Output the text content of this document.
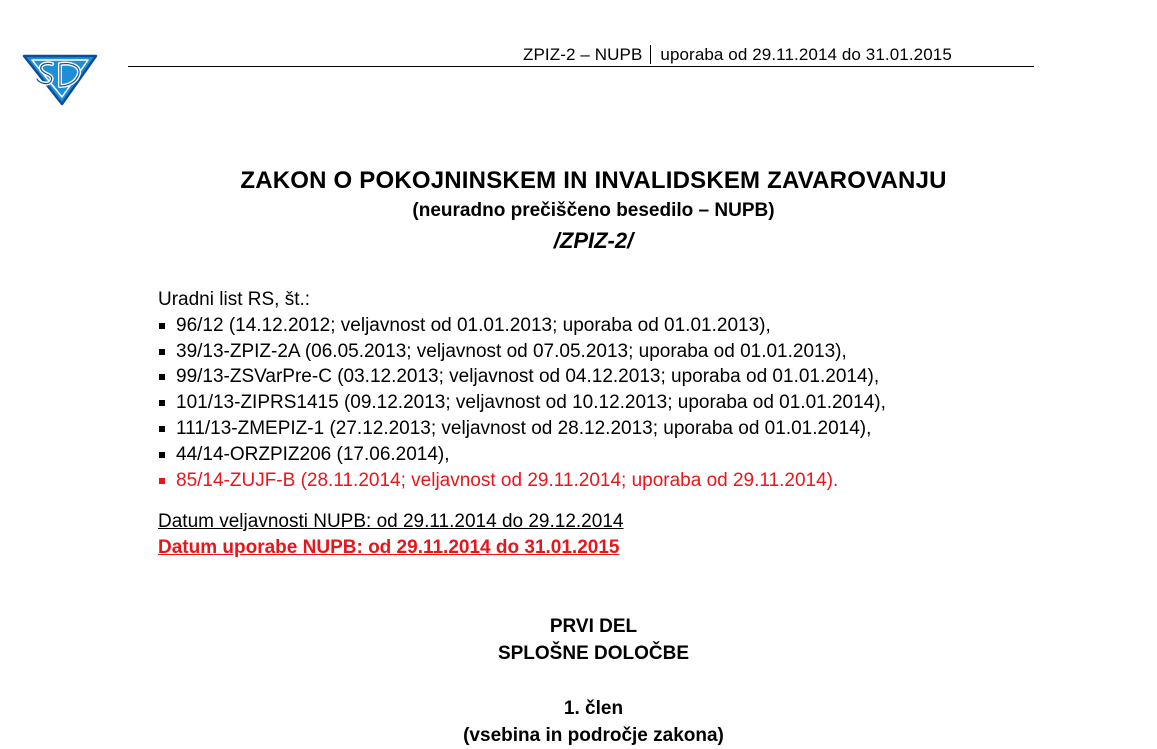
ZPIZ-2 – NUPB uporaba od 29.11.2014 do 31.01.2015
ZAKON O POKOJNINSKEM IN INVALIDSKEM ZAVAROVANJU
(neuradno prečiščeno besedilo – NUPB)
/ZPIZ-2/
Uradni list RS, št.:
96/12 (14.12.2012; veljavnost od 01.01.2013; uporaba od 01.01.2013),
39/13-ZPIZ-2A (06.05.2013; veljavnost od 07.05.2013; uporaba od 01.01.2013),
99/13-ZSVarPre-C (03.12.2013; veljavnost od 04.12.2013; uporaba od 01.01.2014),
101/13-ZIPRS1415 (09.12.2013; veljavnost od 10.12.2013; uporaba od 01.01.2014),
111/13-ZMEPIZ-1 (27.12.2013; veljavnost od 28.12.2013; uporaba od 01.01.2014),
44/14-ORZPIZ206 (17.06.2014),
85/14-ZUJF-B (28.11.2014; veljavnost od 29.11.2014; uporaba od 29.11.2014).
Datum veljavnosti NUPB: od 29.11.2014 do 29.12.2014
Datum uporabe NUPB: od 29.11.2014 do 31.01.2015
PRVI DEL
SPLOŠNE DOLOČBE
1. člen
(vsebina in področje zakona)
